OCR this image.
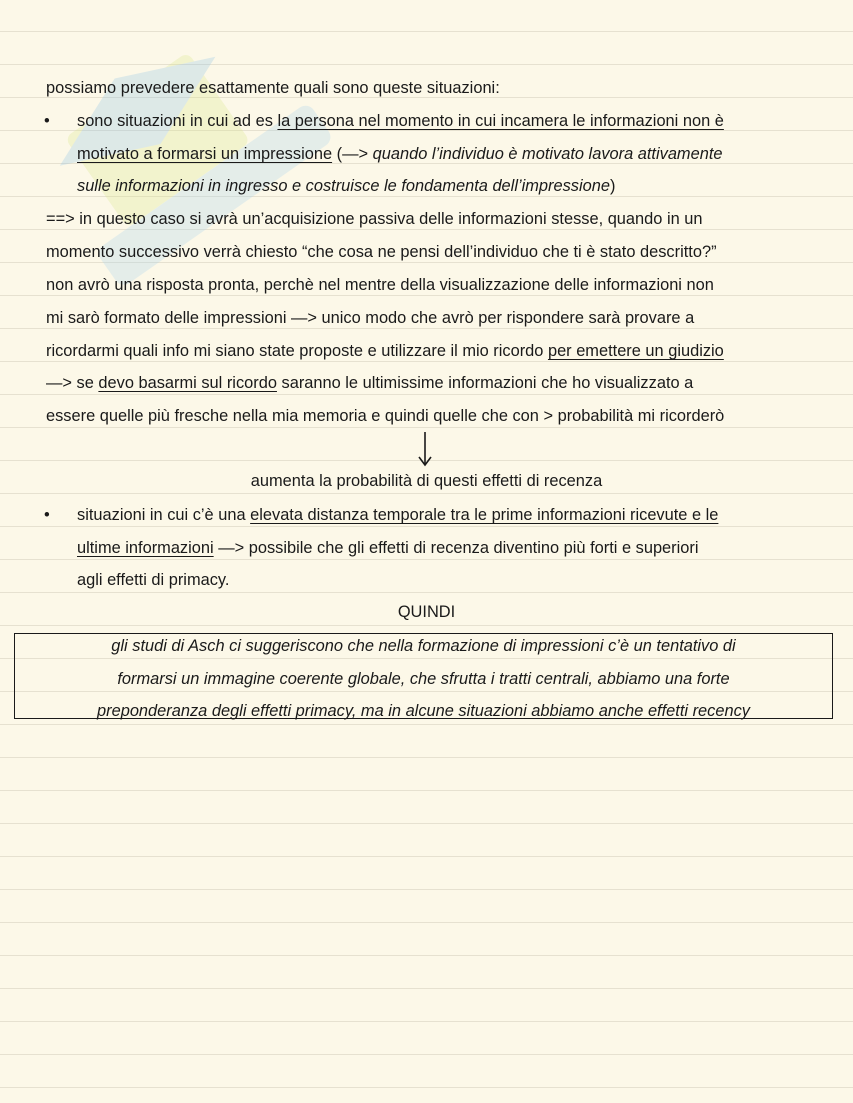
possiamo prevedere esattamente quali sono queste situazioni:
• sono situazioni in cui ad es la persona nel momento in cui incamera le informazioni non è
motivato a formarsi un impressione (—> quando l’individuo è motivato lavora attivamente
sulle informazioni in ingresso e costruisce le fondamenta dell’impressione)
==> in questo caso si avrà un’acquisizione passiva delle informazioni stesse, quando in un
momento successivo verrà chiesto “che cosa ne pensi dell’individuo che ti è stato descritto?”
non avrò una risposta pronta, perchè nel mentre della visualizzazione delle informazioni non
mi sarò formato delle impressioni —> unico modo che avrò per rispondere sarà provare a
ricordarmi quali info mi siano state proposte e utilizzare il mio ricordo per emettere un giudizio
—> se devo basarmi sul ricordo saranno le ultimissime informazioni che ho visualizzato a
essere quelle più fresche nella mia memoria e quindi quelle che con > probabilità mi ricorderò
aumenta la probabilità di questi effetti di recenza
• situazioni in cui c’è una elevata distanza temporale tra le prime informazioni ricevute e le
ultime informazioni —> possibile che gli effetti di recenza diventino più forti e superiori
agli effetti di primacy.
QUINDI
gli studi di Asch ci suggeriscono che nella formazione di impressioni c’è un tentativo di
formarsi un immagine coerente globale, che sfrutta i tratti centrali, abbiamo una forte
preponderanza degli effetti primacy, ma in alcune situazioni abbiamo anche effetti recency
